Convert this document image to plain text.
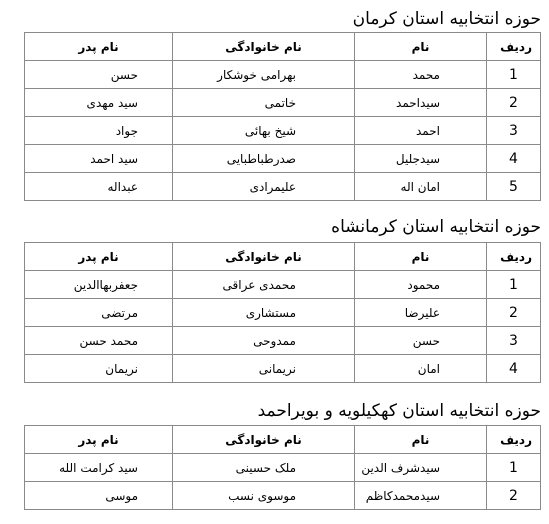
حوزه انتخابیه استان کرمان
ردیف	نام	نام خانوادگی	نام پدر
1	محمد	بهرامی خوشکار	حسن
2	سیداحمد	خاتمی	سید مهدی
3	احمد	شیخ بهائی	جواد
4	سیدجلیل	صدرطباطبایی	سید احمد
5	امان اله	علیمرادی	عبداله
حوزه انتخابیه استان کرمانشاه
ردیف	نام	نام خانوادگی	نام پدر
1	محمود	محمدی عراقی	جعفربهاالدین
2	علیرضا	مستشاری	مرتضی
3	حسن	ممدوحی	محمد حسن
4	امان	نریمانی	نریمان
حوزه انتخابیه استان کهکیلویه و بویراحمد
ردیف	نام	نام خانوادگی	نام پدر
1	سیدشرف الدین	ملک حسینی	سید کرامت الله
2	سیدمحمدکاظم	موسوی نسب	موسی
